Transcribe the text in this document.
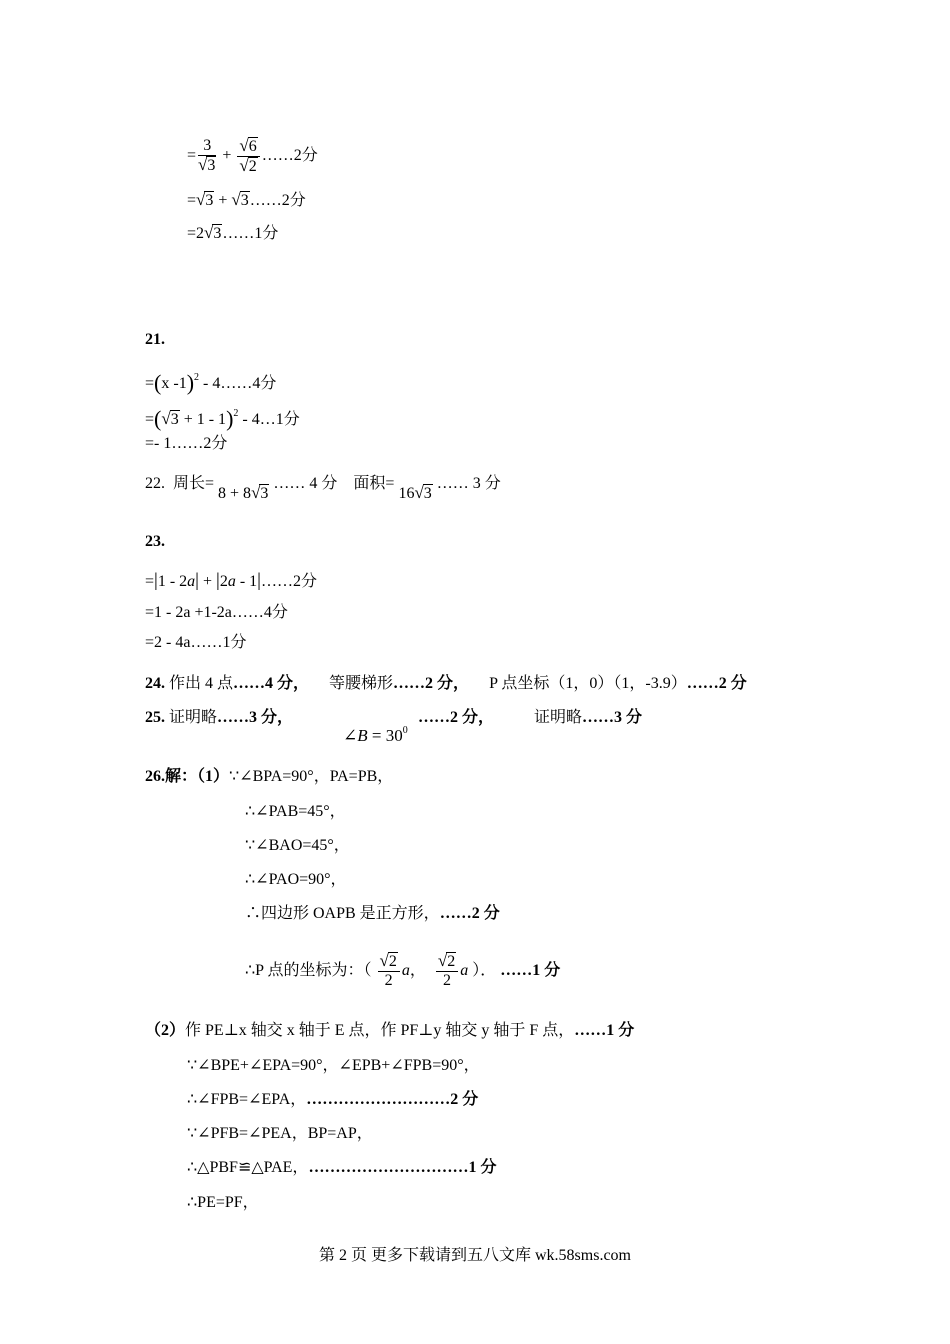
= $\frac{3}{√3} + \frac{√6}{√2}$ ……2分
=√3 + √3……2分
=2√3……1分
21.
=(x -1)$^2$ - 4……4分
$=(√3 + 1 - 1)^2$ - 4…1分
=- 1……2分
22. 周长= 8 + 8√3 …… 4 分 面积= 16√3 …… 3 分
23.
=|1 - 2a| + |2a - 1|……2分
=1 - 2a +1-2a……4分
=2 - 4a……1分
24. 作出 4 点……4 分， 等腰梯形……2 分， P 点坐标（1，0）（1，-3.9）……2 分
25. 证明略……3 分，
∠B = $30^0$
……2 分，	证明略……3 分
26.解：（1）∵∠BPA=90°，PA=PB，
∴∠PAB=45°，
∵∠BAO=45°，
∴∠PAO=90°，
∴四边形 OAPB 是正方形，……2 分
∴P 点的坐标为：（ $\frac{√2}{2}$ a， $\frac{√2}{2}$ a ）． ……1 分
（2）作 PE⊥x 轴交 x 轴于 E 点，作 PF⊥y 轴交 y 轴于 F 点，……1 分
∵∠BPE+∠EPA=90°，∠EPB+∠FPB=90°，
∴∠FPB=∠EPA，………………………2 分
∵∠PFB=∠PEA，BP=AP，
∴△PBF≌△PAE，…………………………1 分
∴PE=PF，
第 2 页 更多下载请到五八文库 wk.58sms.com
